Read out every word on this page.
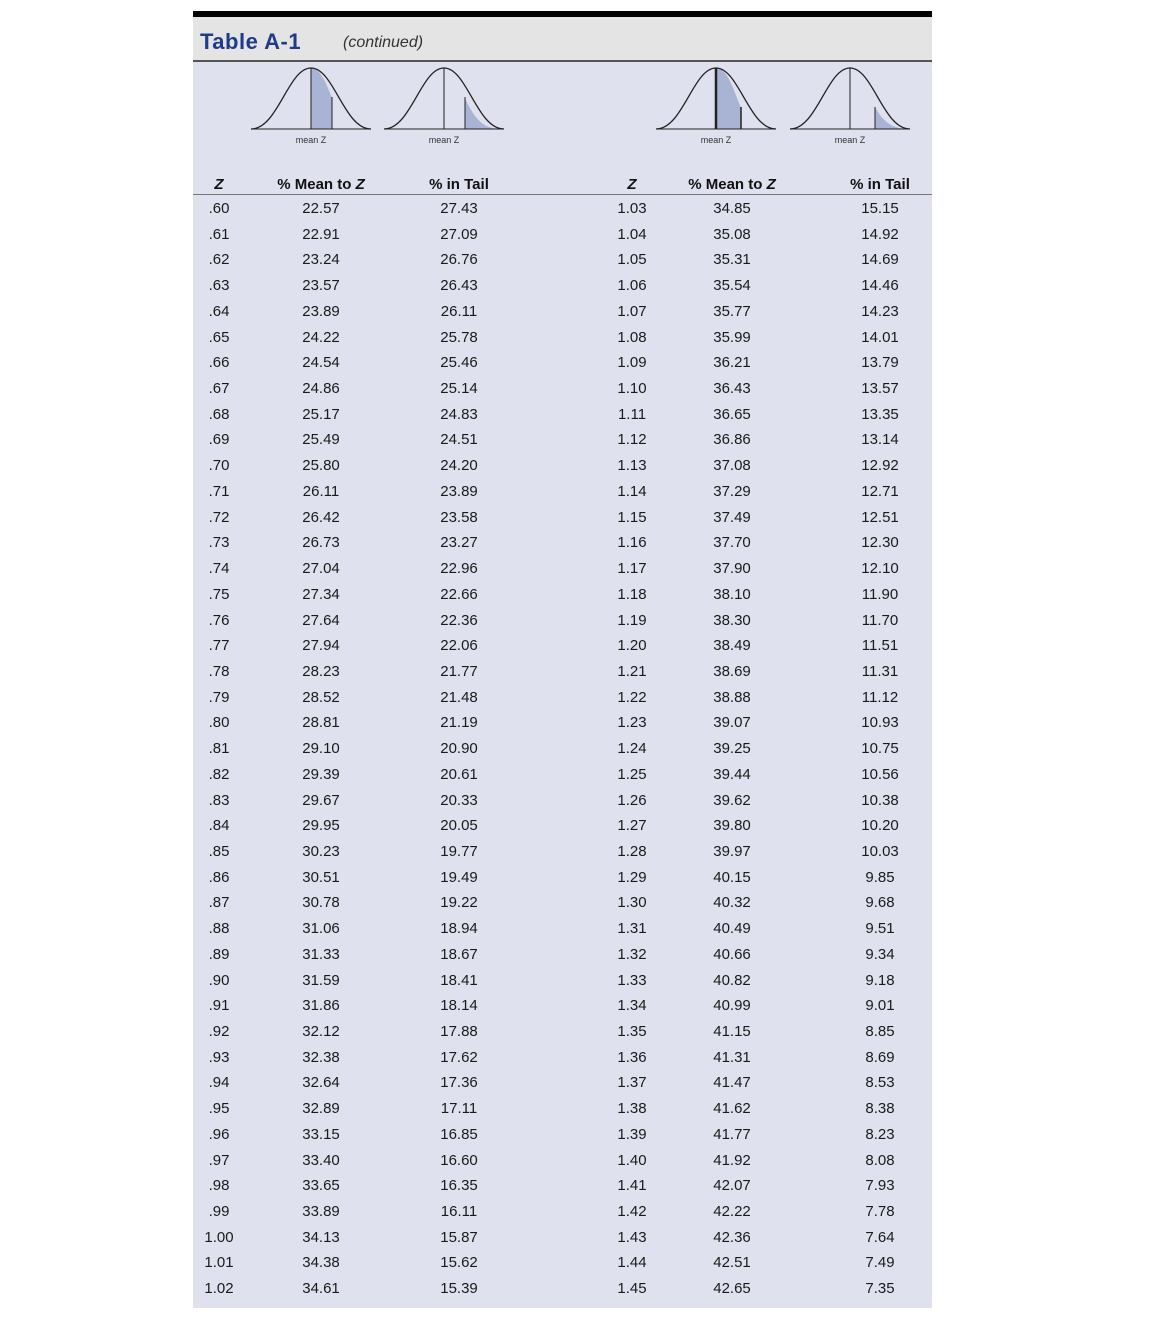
Table A-1	(continued)
mean Z	mean Z	mean Z	mean Z
Z	% Mean to Z	% in Tail	Z	% Mean to Z	% in Tail
.60	22.57	27.43	1.03	34.85	15.15
.61	22.91	27.09	1.04	35.08	14.92
.62	23.24	26.76	1.05	35.31	14.69
.63	23.57	26.43	1.06	35.54	14.46
.64	23.89	26.11	1.07	35.77	14.23
.65	24.22	25.78	1.08	35.99	14.01
.66	24.54	25.46	1.09	36.21	13.79
.67	24.86	25.14	1.10	36.43	13.57
.68	25.17	24.83	1.11	36.65	13.35
.69	25.49	24.51	1.12	36.86	13.14
.70	25.80	24.20	1.13	37.08	12.92
.71	26.11	23.89	1.14	37.29	12.71
.72	26.42	23.58	1.15	37.49	12.51
.73	26.73	23.27	1.16	37.70	12.30
.74	27.04	22.96	1.17	37.90	12.10
.75	27.34	22.66	1.18	38.10	11.90
.76	27.64	22.36	1.19	38.30	11.70
.77	27.94	22.06	1.20	38.49	11.51
.78	28.23	21.77	1.21	38.69	11.31
.79	28.52	21.48	1.22	38.88	11.12
.80	28.81	21.19	1.23	39.07	10.93
.81	29.10	20.90	1.24	39.25	10.75
.82	29.39	20.61	1.25	39.44	10.56
.83	29.67	20.33	1.26	39.62	10.38
.84	29.95	20.05	1.27	39.80	10.20
.85	30.23	19.77	1.28	39.97	10.03
.86	30.51	19.49	1.29	40.15	9.85
.87	30.78	19.22	1.30	40.32	9.68
.88	31.06	18.94	1.31	40.49	9.51
.89	31.33	18.67	1.32	40.66	9.34
.90	31.59	18.41	1.33	40.82	9.18
.91	31.86	18.14	1.34	40.99	9.01
.92	32.12	17.88	1.35	41.15	8.85
.93	32.38	17.62	1.36	41.31	8.69
.94	32.64	17.36	1.37	41.47	8.53
.95	32.89	17.11	1.38	41.62	8.38
.96	33.15	16.85	1.39	41.77	8.23
.97	33.40	16.60	1.40	41.92	8.08
.98	33.65	16.35	1.41	42.07	7.93
.99	33.89	16.11	1.42	42.22	7.78
1.00	34.13	15.87	1.43	42.36	7.64
1.01	34.38	15.62	1.44	42.51	7.49
1.02	34.61	15.39	1.45	42.65	7.35
